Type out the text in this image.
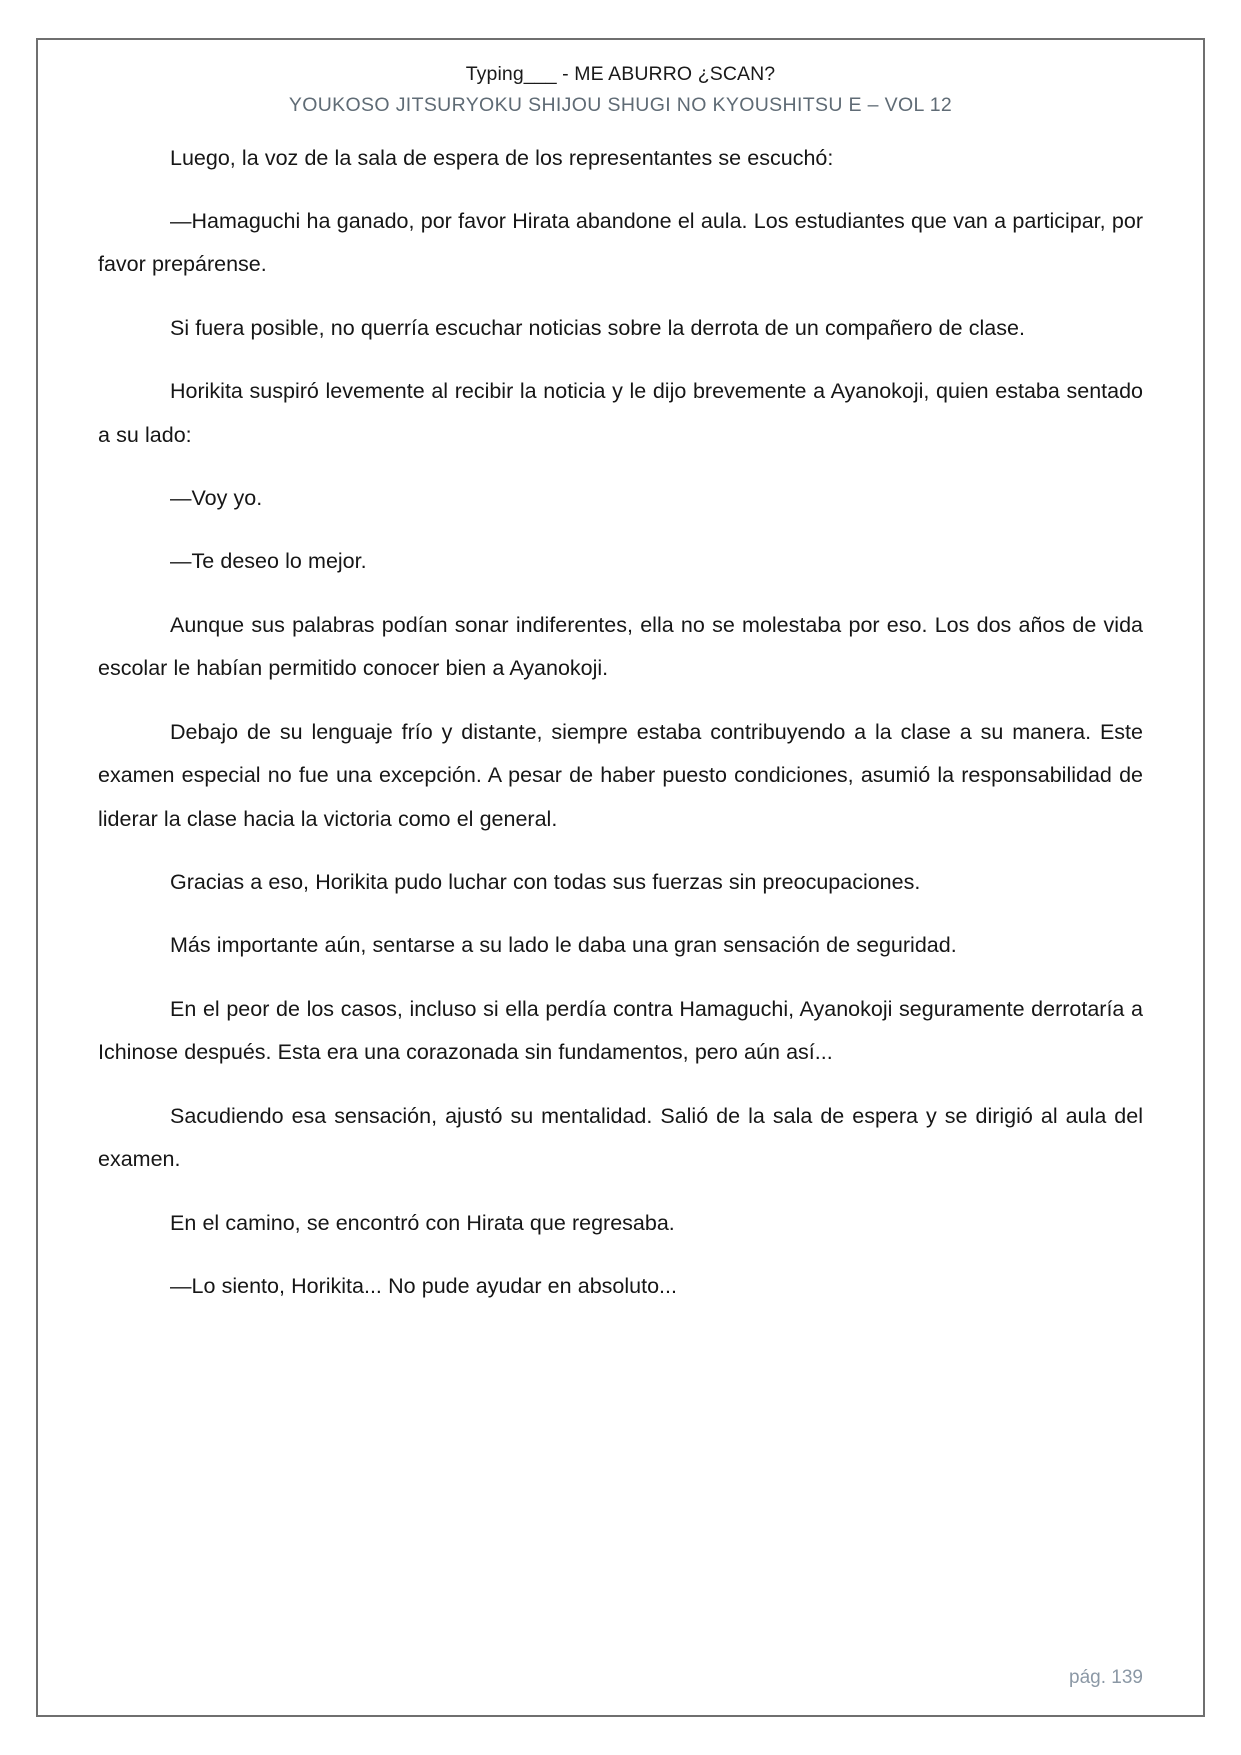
Typing___ - ME ABURRO ¿SCAN?
YOUKOSO JITSURYOKU SHIJOU SHUGI NO KYOUSHITSU E – VOL 12

Luego, la voz de la sala de espera de los representantes se escuchó:

—Hamaguchi ha ganado, por favor Hirata abandone el aula. Los estudiantes que van a participar, por favor prepárense.

Si fuera posible, no querría escuchar noticias sobre la derrota de un compañero de clase.

Horikita suspiró levemente al recibir la noticia y le dijo brevemente a Ayanokoji, quien estaba sentado a su lado:

—Voy yo.

—Te deseo lo mejor.

Aunque sus palabras podían sonar indiferentes, ella no se molestaba por eso. Los dos años de vida escolar le habían permitido conocer bien a Ayanokoji.

Debajo de su lenguaje frío y distante, siempre estaba contribuyendo a la clase a su manera. Este examen especial no fue una excepción. A pesar de haber puesto condiciones, asumió la responsabilidad de liderar la clase hacia la victoria como el general.

Gracias a eso, Horikita pudo luchar con todas sus fuerzas sin preocupaciones.

Más importante aún, sentarse a su lado le daba una gran sensación de seguridad.

En el peor de los casos, incluso si ella perdía contra Hamaguchi, Ayanokoji seguramente derrotaría a Ichinose después. Esta era una corazonada sin fundamentos, pero aún así...

Sacudiendo esa sensación, ajustó su mentalidad. Salió de la sala de espera y se dirigió al aula del examen.

En el camino, se encontró con Hirata que regresaba.

—Lo siento, Horikita... No pude ayudar en absoluto...

pág. 139
